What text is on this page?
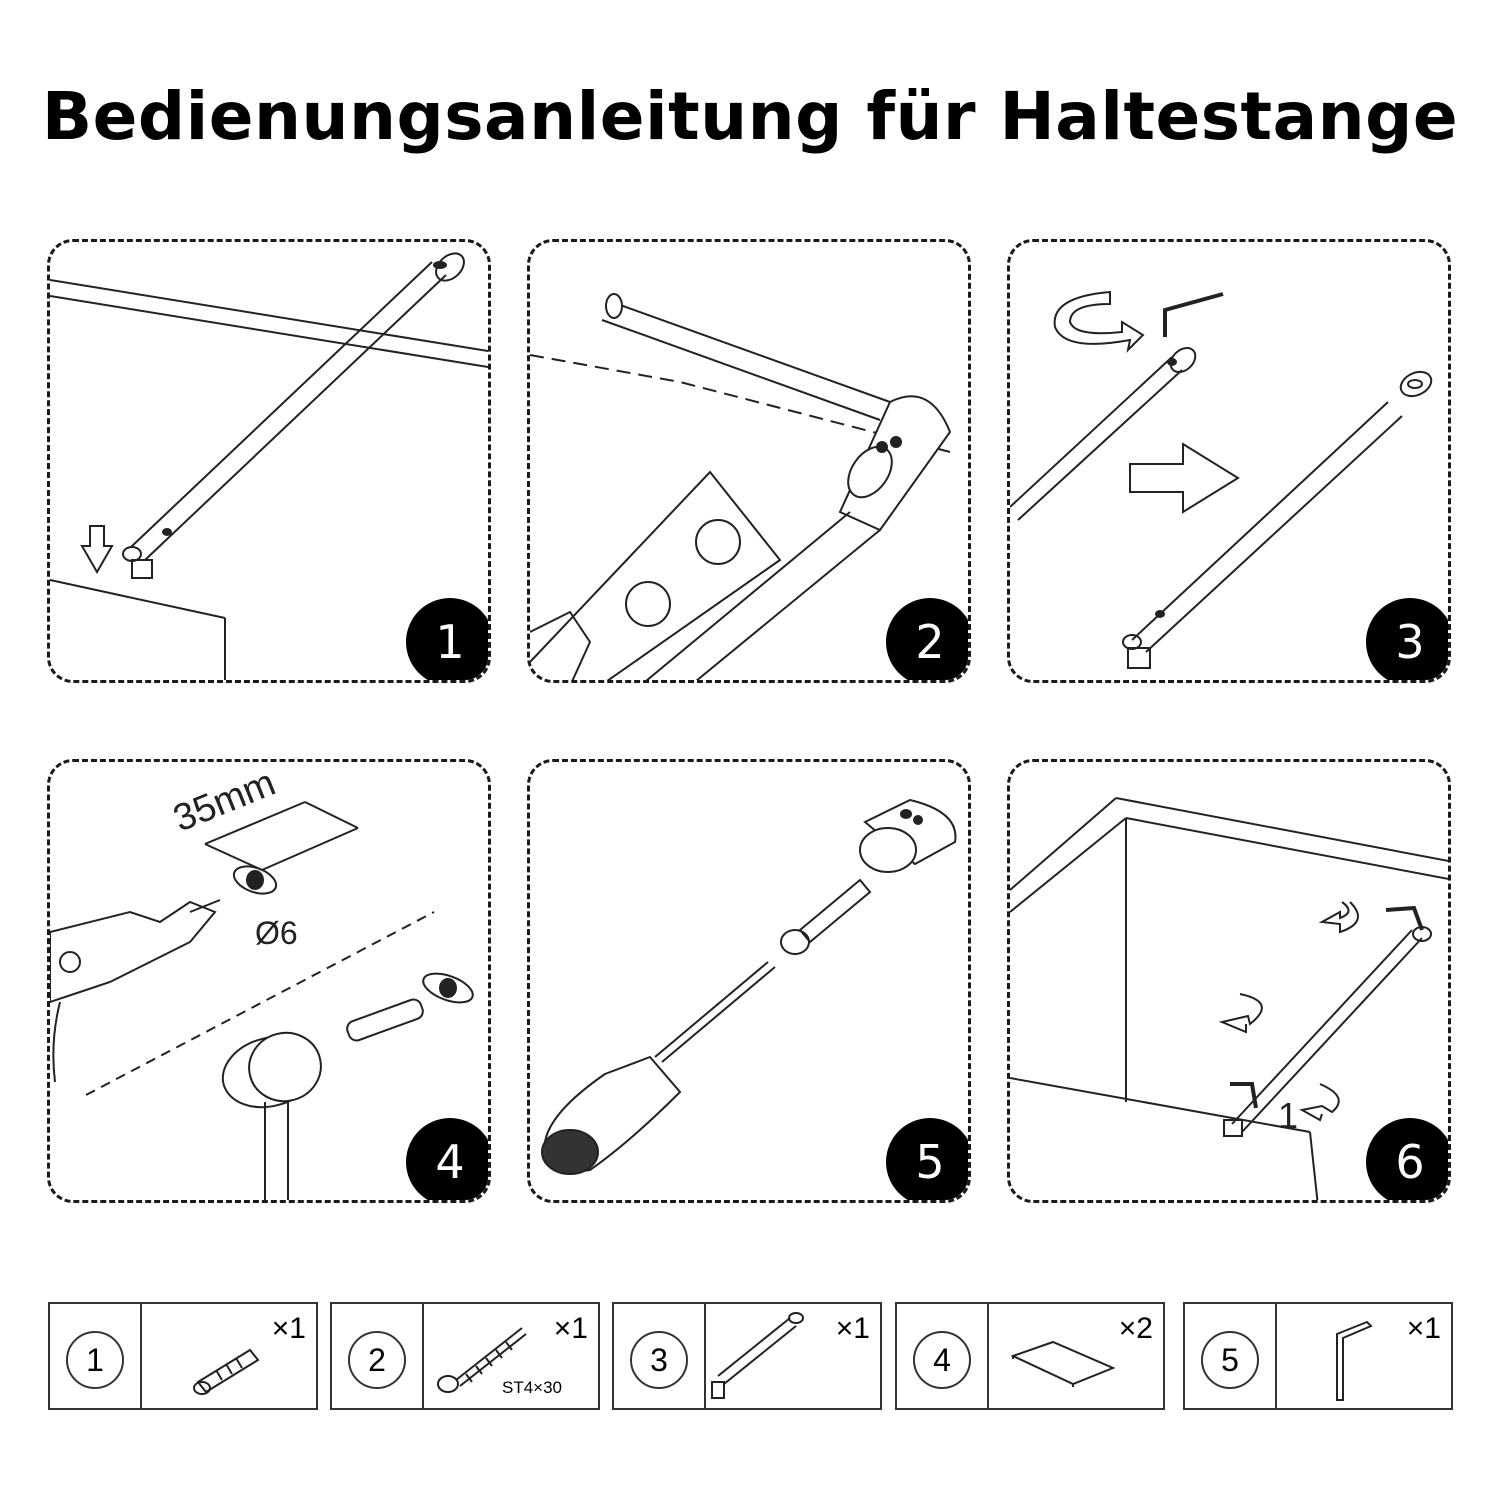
Bedienungsanleitung für Haltestange
1	2	3
35mm
Ø6
4	5
1
6
1
×1
2
ST4×30
×1
3
×1
4
×2
5
×1
